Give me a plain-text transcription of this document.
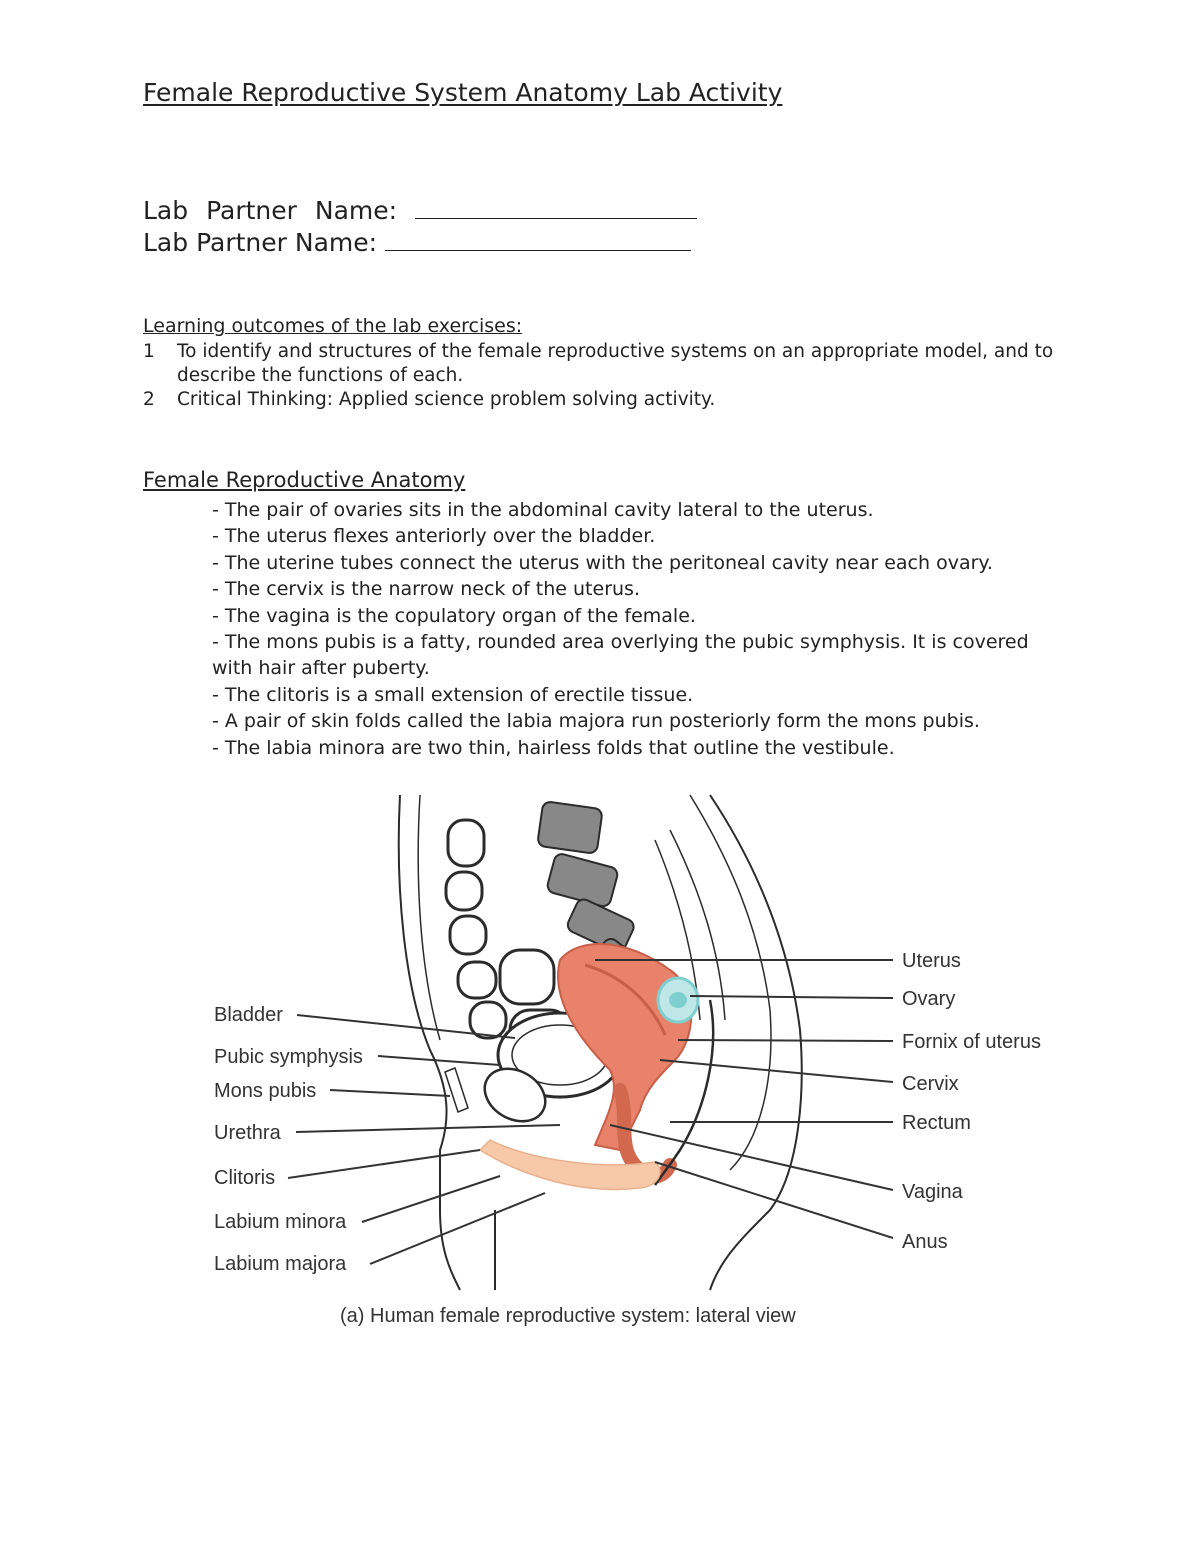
Female Reproductive System Anatomy Lab Activity
Lab Partner Name:
Lab Partner Name:
Learning outcomes of the lab exercises:
1	To identify and structures of the female reproductive systems on an appropriate model, and to describe the functions of each.
2	Critical Thinking: Applied science problem solving activity.
Female Reproductive Anatomy
- The pair of ovaries sits in the abdominal cavity lateral to the uterus.
- The uterus flexes anteriorly over the bladder.
- The uterine tubes connect the uterus with the peritoneal cavity near each ovary.
- The cervix is the narrow neck of the uterus.
- The vagina is the copulatory organ of the female.
- The mons pubis is a fatty, rounded area overlying the pubic symphysis. It is covered with hair after puberty.
- The clitoris is a small extension of erectile tissue.
- A pair of skin folds called the labia majora run posteriorly form the mons pubis.
- The labia minora are two thin, hairless folds that outline the vestibule.
Bladder
Pubic symphysis
Mons pubis
Urethra
Clitoris
Labium minora
Labium majora
Uterus
Ovary
Fornix of uterus
Cervix
Rectum
Vagina
Anus
(a) Human female reproductive system: lateral view
